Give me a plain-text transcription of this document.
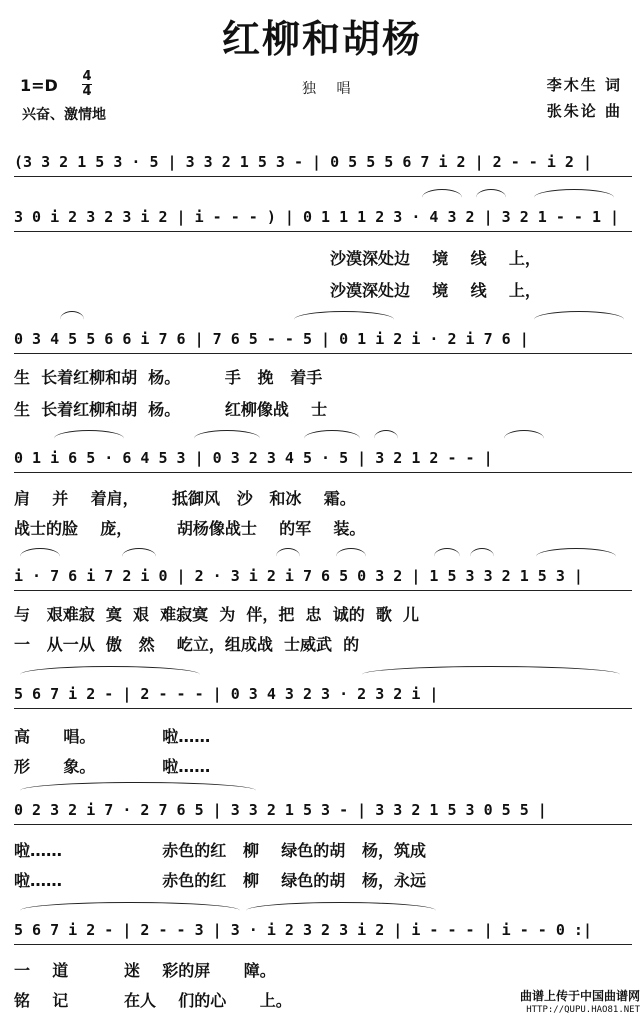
红柳和胡杨
1=D 4
4
兴奋、激情地
独 唱	李木生 词
张朱论 曲
(3 3 2 1 5 3 · 5 | 3 3 2 1 5 3 - | 0 5 5 5 6 7 i 2 | 2 - - i 2 |
3 0 i 2 3 2 3 i 2 | i - - - ) | 0 1 1 1 2 3 · 4 3 2 | 3 2 1 - - 1 |
沙漠深处边    境    线    上，
沙漠深处边    境    线    上，
0 3 4 5 5 6 6 i 7 6 | 7 6 5 - - 5 | 0 1 i 2 i · 2 i 7 6 |
生  长着红柳和胡  杨。        手   挽   着手
生  长着红柳和胡  杨。        红柳像战    士
0 1 i 6 5 · 6 4 5 3 | 0 3 2 3 4 5 · 5 | 3 2 1 2 - - |
肩    并    着肩，      抵御风   沙   和冰    霜。
战士的脸    庞，        胡杨像战士    的军    装。
i · 7 6 i 7 2 i 0 | 2 · 3 i 2 i 7 6 5 0 3 2 | 1 5 3 3 2 1 5 3 |
与   艰难寂  寞  艰  难寂寞  为  伴，把  忠  诚的  歌  儿
一   从一从  傲   然    屹立，组成战  士威武  的
5 6 7 i 2 - | 2 - - - | 0 3 4 3 2 3 · 2 3 2 i |
高      唱。            啦……
形      象。            啦……
0 2 3 2 i 7 · 2 7 6 5 | 3 3 2 1 5 3 - | 3 3 2 1 5 3 0 5 5 |
啦……                  赤色的红   柳    绿色的胡   杨，筑成
啦……                  赤色的红   柳    绿色的胡   杨，永远
5 6 7 i 2 - | 2 - - 3 | 3 · i 2 3 2 3 i 2 | i - - - | i - - 0 :|
一    道          迷    彩的屏      障。
铭    记          在人    们的心      上。	曲谱上传于中国曲谱网
HTTP://QUPU.HAO81.NET
